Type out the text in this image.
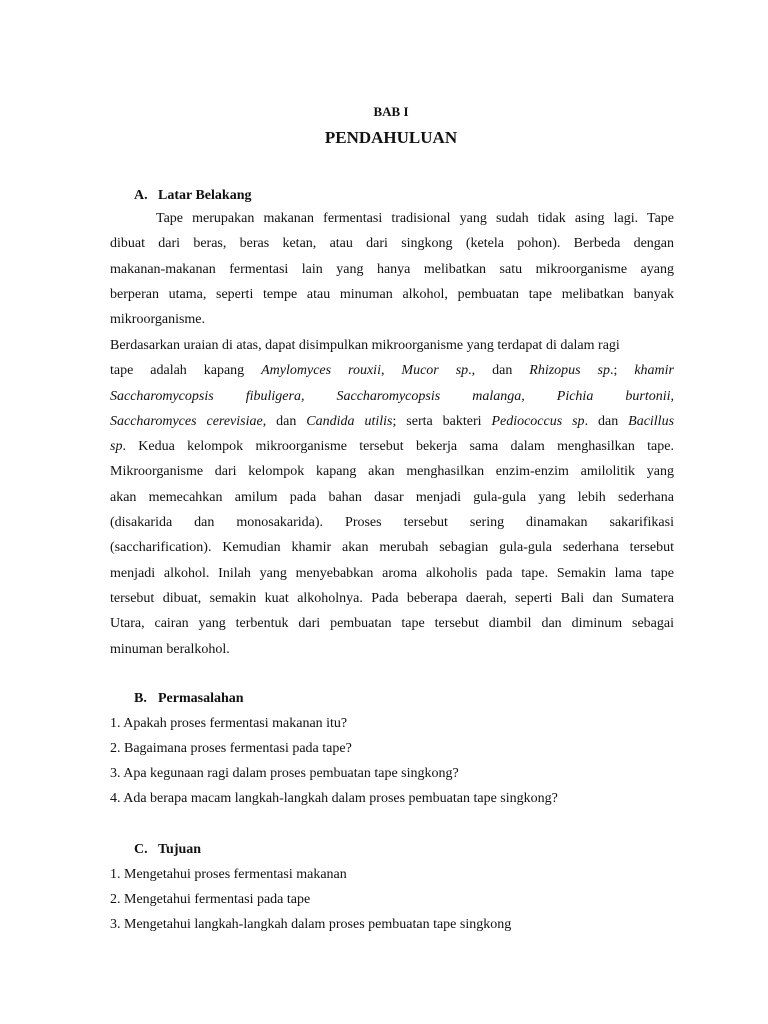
BAB I
PENDAHULUAN
A. Latar Belakang
Tape merupakan makanan fermentasi tradisional yang sudah tidak asing lagi. Tape
dibuat dari beras, beras ketan, atau dari singkong (ketela pohon). Berbeda dengan
makanan-makanan fermentasi lain yang hanya melibatkan satu mikroorganisme ayang
berperan utama, seperti tempe atau minuman alkohol, pembuatan tape melibatkan banyak
mikroorganisme.
Berdasarkan uraian di atas, dapat disimpulkan mikroorganisme yang terdapat di dalam ragi
tape adalah kapang Amylomyces rouxii, Mucor sp., dan Rhizopus sp.; khamir
Saccharomycopsis fibuligera, Saccharomycopsis malanga, Pichia burtonii,
Saccharomyces cerevisiae, dan Candida utilis; serta bakteri Pediococcus sp. dan Bacillus
sp. Kedua kelompok mikroorganisme tersebut bekerja sama dalam menghasilkan tape.
Mikroorganisme dari kelompok kapang akan menghasilkan enzim-enzim amilolitik yang
akan memecahkan amilum pada bahan dasar menjadi gula-gula yang lebih sederhana
(disakarida dan monosakarida). Proses tersebut sering dinamakan sakarifikasi
(saccharification). Kemudian khamir akan merubah sebagian gula-gula sederhana tersebut
menjadi alkohol. Inilah yang menyebabkan aroma alkoholis pada tape. Semakin lama tape
tersebut dibuat, semakin kuat alkoholnya. Pada beberapa daerah, seperti Bali dan Sumatera
Utara, cairan yang terbentuk dari pembuatan tape tersebut diambil dan diminum sebagai
minuman beralkohol.
B. Permasalahan
1. Apakah proses fermentasi makanan itu?
2. Bagaimana proses fermentasi pada tape?
3. Apa kegunaan ragi dalam proses pembuatan tape singkong?
4. Ada berapa macam langkah-langkah dalam proses pembuatan tape singkong?
C. Tujuan
1. Mengetahui proses fermentasi makanan
2. Mengetahui fermentasi pada tape
3. Mengetahui langkah-langkah dalam proses pembuatan tape singkong
